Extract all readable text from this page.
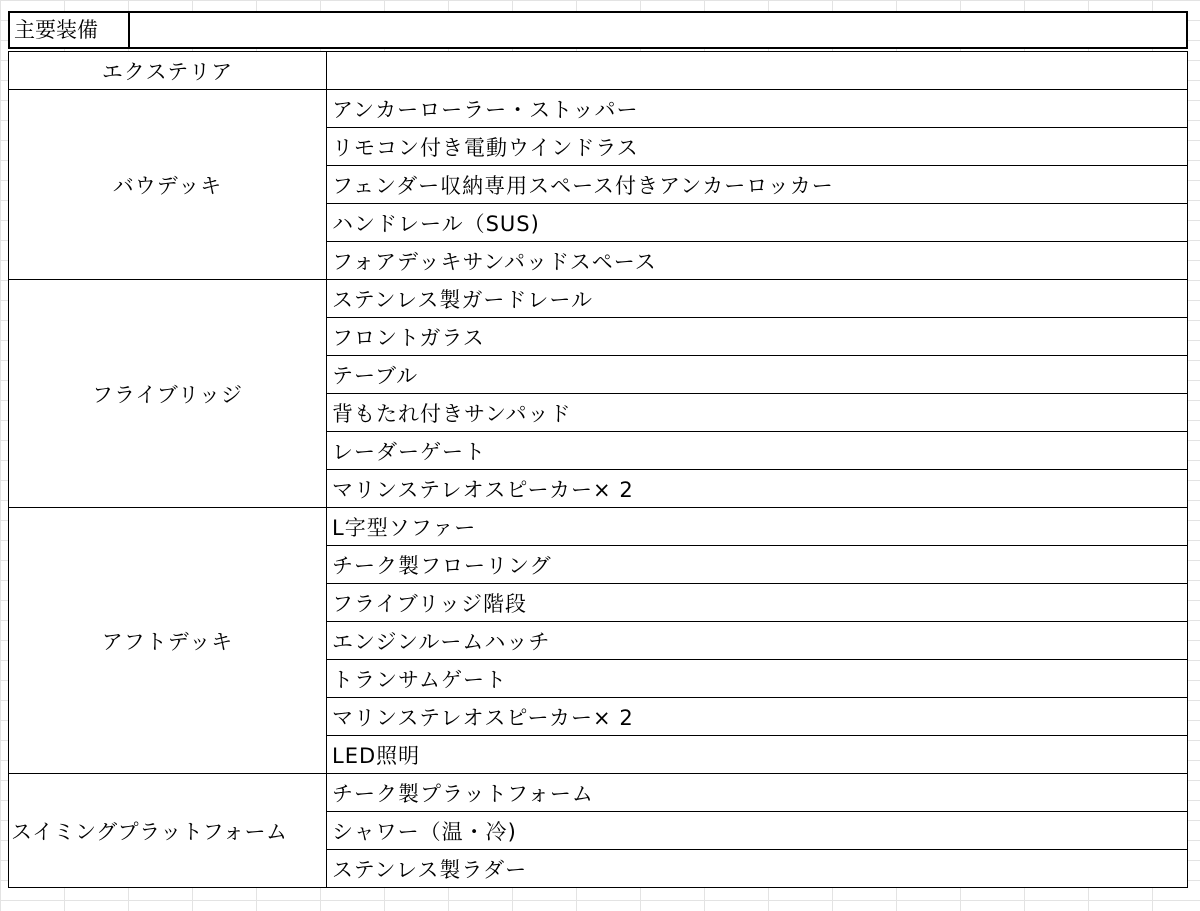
主要装備
エクステリア	
バウデッキ	アンカーローラー・ストッパー
	リモコン付き電動ウインドラス
	フェンダー収納専用スペース付きアンカーロッカー
	ハンドレール（SUS)
	フォアデッキサンパッドスペース
フライブリッジ	ステンレス製ガードレール
	フロントガラス
	テーブル
	背もたれ付きサンパッド
	レーダーゲート
	マリンステレオスピーカー× 2
アフトデッキ	L字型ソファー
	チーク製フローリング
	フライブリッジ階段
	エンジンルームハッチ
	トランサムゲート
	マリンステレオスピーカー× 2
	LED照明
スイミングプラットフォーム	チーク製プラットフォーム
	シャワー（温・冷)
	ステンレス製ラダー
